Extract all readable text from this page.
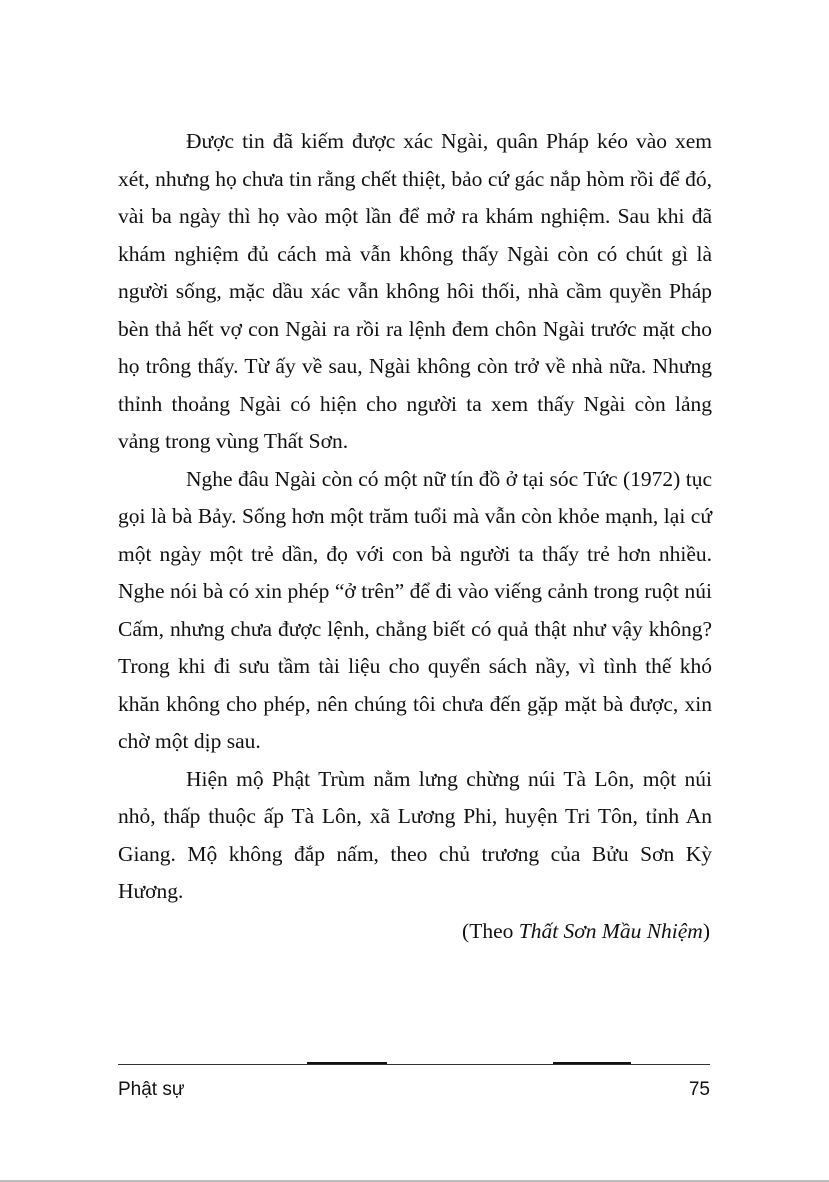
Được tin đã kiếm được xác Ngài, quân Pháp kéo vào xem xét, nhưng họ chưa tin rằng chết thiệt, bảo cứ gác nắp hòm rồi để đó, vài ba ngày thì họ vào một lần để mở ra khám nghiệm. Sau khi đã khám nghiệm đủ cách mà vẫn không thấy Ngài còn có chút gì là người sống, mặc dầu xác vẫn không hôi thối, nhà cầm quyền Pháp bèn thả hết vợ con Ngài ra rồi ra lệnh đem chôn Ngài trước mặt cho họ trông thấy. Từ ấy về sau, Ngài không còn trở về nhà nữa. Nhưng thỉnh thoảng Ngài có hiện cho người ta xem thấy Ngài còn lảng vảng trong vùng Thất Sơn.

Nghe đâu Ngài còn có một nữ tín đồ ở tại sóc Tức (1972) tục gọi là bà Bảy. Sống hơn một trăm tuổi mà vẫn còn khỏe mạnh, lại cứ một ngày một trẻ dần, đọ với con bà người ta thấy trẻ hơn nhiều. Nghe nói bà có xin phép “ở trên” để đi vào viếng cảnh trong ruột núi Cấm, nhưng chưa được lệnh, chẳng biết có quả thật như vậy không? Trong khi đi sưu tầm tài liệu cho quyển sách nầy, vì tình thế khó khăn không cho phép, nên chúng tôi chưa đến gặp mặt bà được, xin chờ một dịp sau.

Hiện mộ Phật Trùm nằm lưng chừng núi Tà Lôn, một núi nhỏ, thấp thuộc ấp Tà Lôn, xã Lương Phi, huyện Tri Tôn, tỉnh An Giang. Mộ không đắp nấm, theo chủ trương của Bửu Sơn Kỳ Hương.

(Theo Thất Sơn Mầu Nhiệm)

Phật sự	75
